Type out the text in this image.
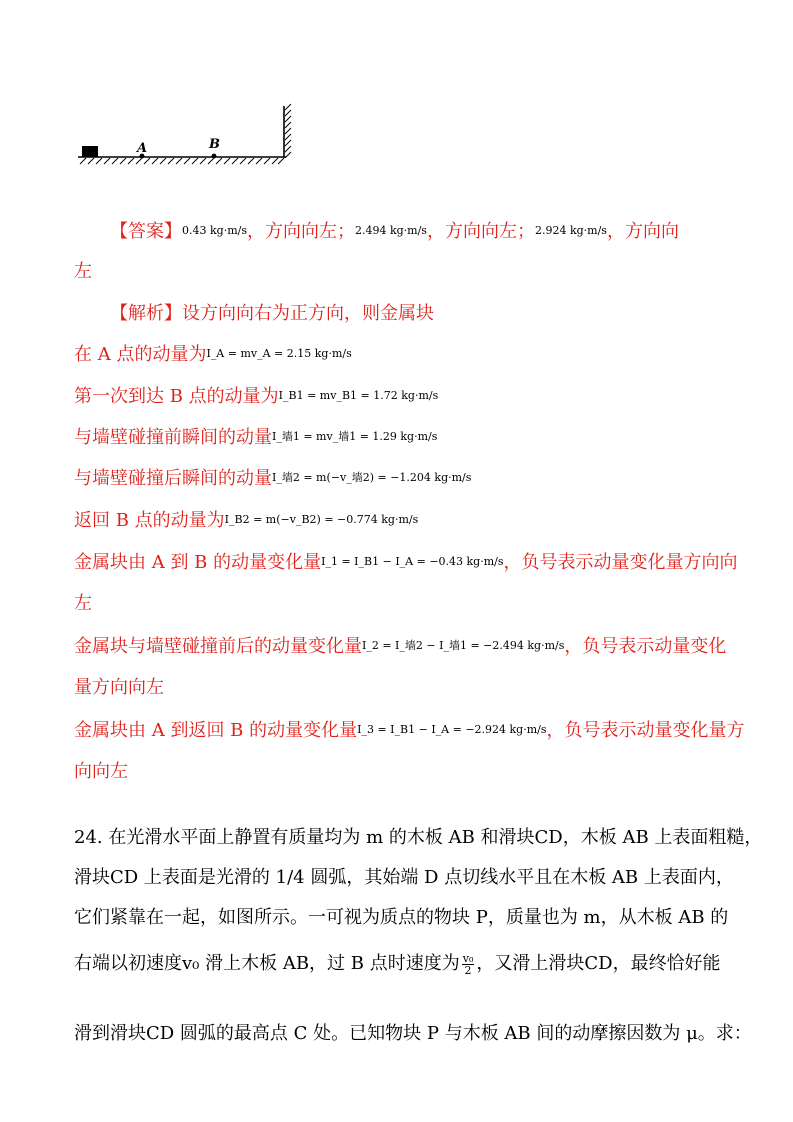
A	B
【答案】0.43 kg·m/s，方向向左；2.494 kg·m/s，方向向左；2.924 kg·m/s，方向向
左
【解析】设方向向右为正方向，则金属块
在 A 点的动量为I_A = mv_A = 2.15 kg·m/s
第一次到达 B 点的动量为I_B1 = mv_B1 = 1.72 kg·m/s
与墙壁碰撞前瞬间的动量I_墙1 = mv_墙1 = 1.29 kg·m/s
与墙壁碰撞后瞬间的动量I_墙2 = m(−v_墙2) = −1.204 kg·m/s
返回 B 点的动量为I_B2 = m(−v_B2) = −0.774 kg·m/s
金属块由 A 到 B 的动量变化量I_1 = I_B1 − I_A = −0.43 kg·m/s，负号表示动量变化量方向向
左
金属块与墙壁碰撞前后的动量变化量I_2 = I_墙2 − I_墙1 = −2.494 kg·m/s，负号表示动量变化
量方向向左
金属块由 A 到返回 B 的动量变化量I_3 = I_B1 − I_A = −2.924 kg·m/s，负号表示动量变化量方
向向左
24. 在光滑水平面上静置有质量均为 m 的木板 AB 和滑块CD，木板 AB 上表面粗糙，
滑块CD 上表面是光滑的 1/4 圆弧，其始端 D 点切线水平且在木板 AB 上表面内，
它们紧靠在一起，如图所示。一可视为质点的物块 P，质量也为 m，从木板 AB 的
右端以初速度v₀ 滑上木板 AB，过 B 点时速度为 $\frac{\text{v₀}}{2}$ ，又滑上滑块CD，最终恰好能
滑到滑块CD 圆弧的最高点 C 处。已知物块 P 与木板 AB 间的动摩擦因数为 μ。求：
